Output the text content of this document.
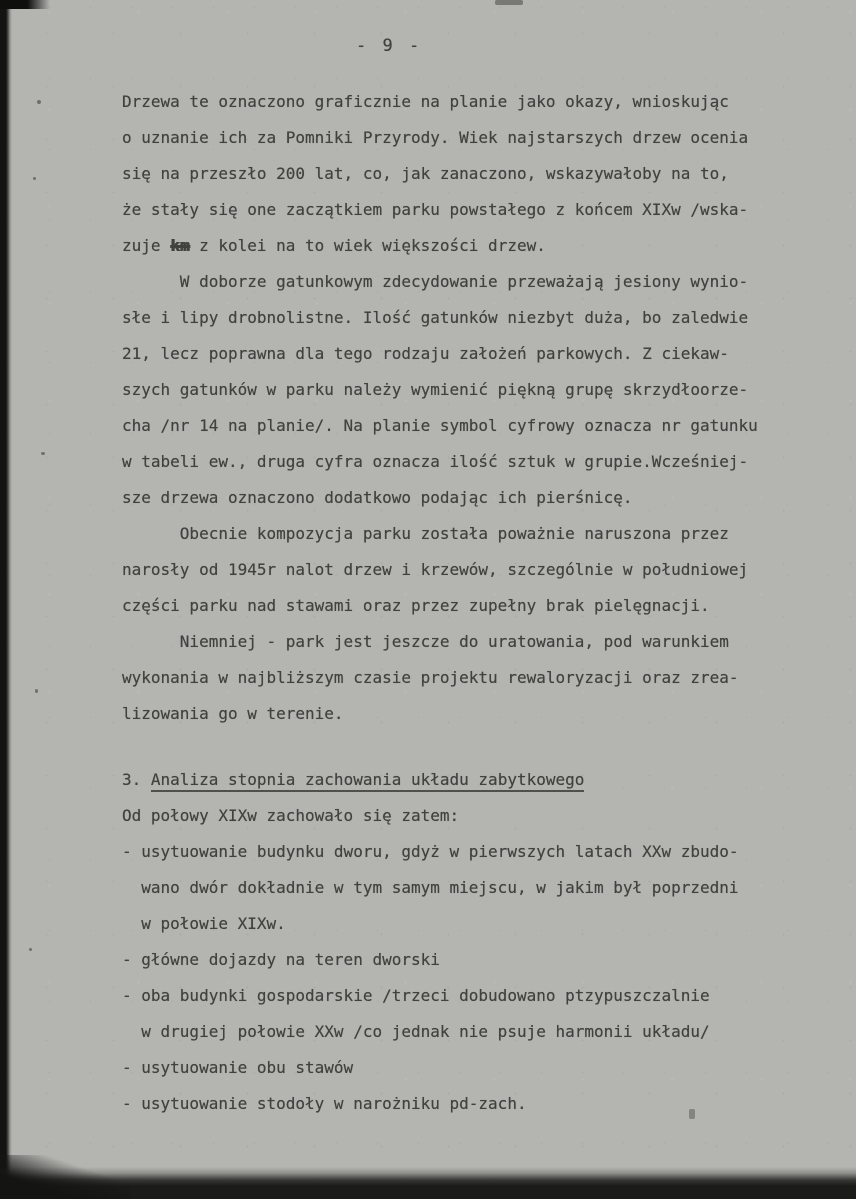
- 9 -
Drzewa te oznaczono graficznie na planie jako okazy, wnioskując
o uznanie ich za Pomniki Przyrody. Wiek najstarszych drzew ocenia
się na przeszło 200 lat, co, jak zanaczono, wskazywałoby na to,
że stały się one zaczątkiem parku powstałego z końcem XIXw /wska-
zuje km z kolei na to wiek większości drzew.
W doborze gatunkowym zdecydowanie przeważają jesiony wynio-
słe i lipy drobnolistne. Ilość gatunków niezbyt duża, bo zaledwie
21, lecz poprawna dla tego rodzaju założeń parkowych. Z ciekaw-
szych gatunków w parku należy wymienić piękną grupę skrzydłoorze-
cha /nr 14 na planie/. Na planie symbol cyfrowy oznacza nr gatunku
w tabeli ew., druga cyfra oznacza ilość sztuk w grupie.Wcześniej-
sze drzewa oznaczono dodatkowo podając ich pierśnicę.
Obecnie kompozycja parku została poważnie naruszona przez
narosły od 1945r nalot drzew i krzewów, szczególnie w południowej
części parku nad stawami oraz przez zupełny brak pielęgnacji.
Niemniej - park jest jeszcze do uratowania, pod warunkiem
wykonania w najbliższym czasie projektu rewaloryzacji oraz zrea-
lizowania go w terenie.
3. Analiza stopnia zachowania układu zabytkowego
Od połowy XIXw zachowało się zatem:
- usytuowanie budynku dworu, gdyż w pierwszych latach XXw zbudo-
wano dwór dokładnie w tym samym miejscu, w jakim był poprzedni
w połowie XIXw.
- główne dojazdy na teren dworski
- oba budynki gospodarskie /trzeci dobudowano ptzypuszczalnie
w drugiej połowie XXw /co jednak nie psuje harmonii układu/
- usytuowanie obu stawów
- usytuowanie stodoły w narożniku pd-zach.
